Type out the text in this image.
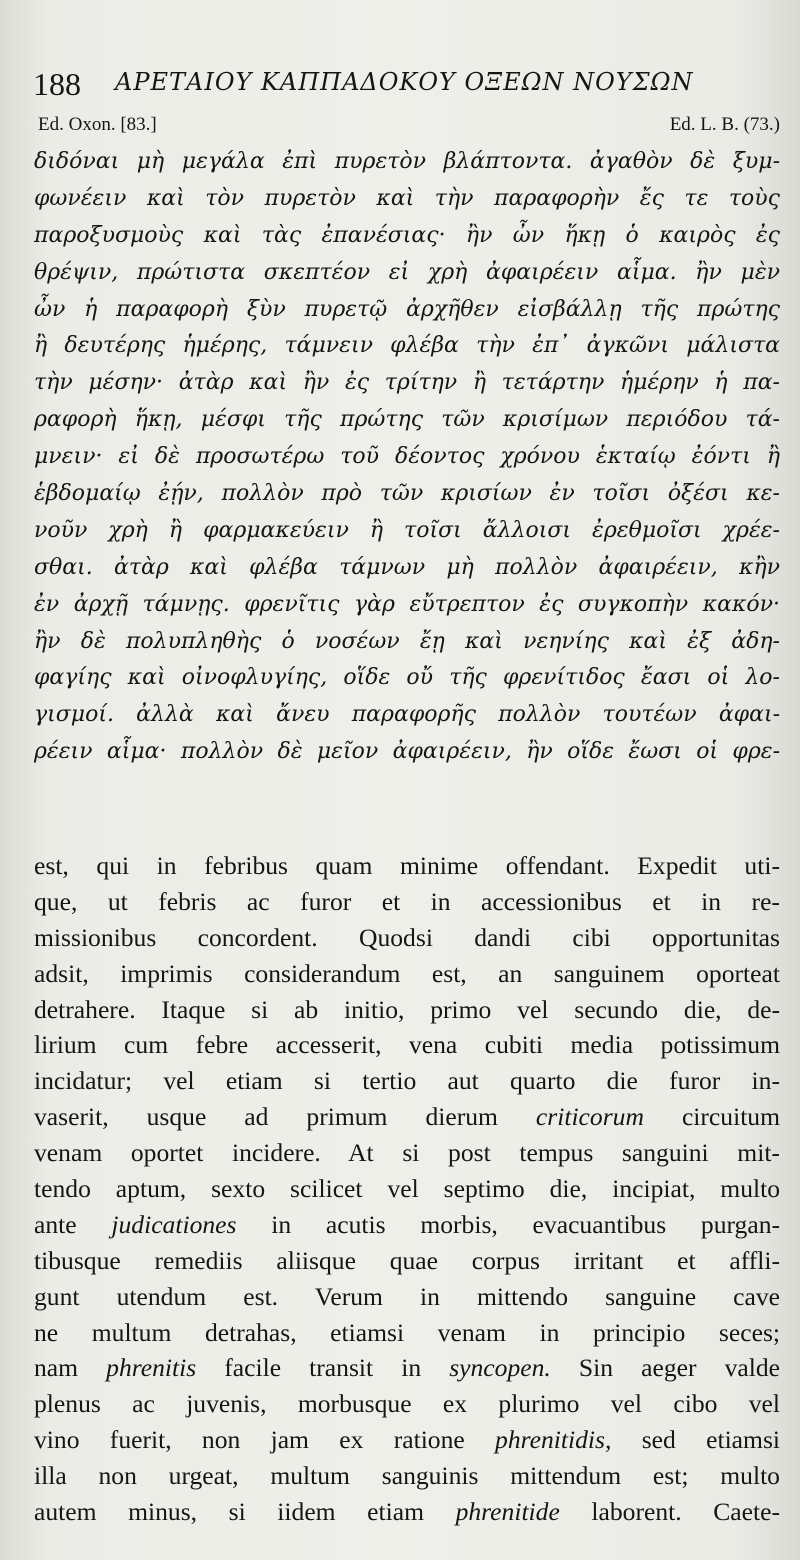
188 ΑΡΕΤΑΙΟΥ ΚΑΠΠΑΔΟΚΟΥ ΟΞΕΩΝ ΝΟΥΣΩΝ
Ed. Oxon. [83.]	Ed. L. B. (73.)
διδόναι μὴ μεγάλα ἐπὶ πυρετὸν βλάπτοντα. ἀγαθὸν δὲ ξυμ-
φωνέειν καὶ τὸν πυρετὸν καὶ τὴν παραφορὴν ἔς τε τοὺς
παροξυσμοὺς καὶ τὰς ἐπανέσιας· ἢν ὦν ἥκῃ ὁ καιρὸς ἐς
θρέψιν, πρώτιστα σκεπτέον εἰ χρὴ ἀφαιρέειν αἷμα. ἢν μὲν
ὦν ἡ παραφορὴ ξὺν πυρετῷ ἀρχῆθεν εἰσβάλλῃ τῆς πρώτης
ἢ δευτέρης ἡμέρης, τάμνειν φλέβα τὴν ἐπ᾽ ἀγκῶνι μάλιστα
τὴν μέσην· ἀτὰρ καὶ ἢν ἐς τρίτην ἢ τετάρτην ἡμέρην ἡ πα-
ραφορὴ ἥκῃ, μέσφι τῆς πρώτης τῶν κρισίμων περιόδου τά-
μνειν· εἰ δὲ προσωτέρω τοῦ δέοντος χρόνου ἑκταίῳ ἐόντι ἢ
ἑβδομαίῳ ἐῄν, πολλὸν πρὸ τῶν κρισίων ἐν τοῖσι ὀξέσι κε-
νοῦν χρὴ ἢ φαρμακεύειν ἢ τοῖσι ἄλλοισι ἐρεθμοῖσι χρέε-
σθαι. ἀτὰρ καὶ φλέβα τάμνων μὴ πολλὸν ἀφαιρέειν, κἢν
ἐν ἀρχῇ τάμνῃς. φρενῖτις γὰρ εὔτρεπτον ἐς συγκοπὴν κακόν·
ἢν δὲ πολυπληθὴς ὁ νοσέων ἔῃ καὶ νεηνίης καὶ ἐξ ἀδη-
φαγίης καὶ οἰνοφλυγίης, οἵδε οὔ τῆς φρενίτιδος ἔασι οἱ λο-
γισμοί. ἀλλὰ καὶ ἄνευ παραφορῆς πολλὸν τουτέων ἀφαι-
ρέειν αἷμα· πολλὸν δὲ μεῖον ἀφαιρέειν, ἢν οἵδε ἔωσι οἱ φρε-
est, qui in febribus quam minime offendant. Expedit uti-
que, ut febris ac furor et in accessionibus et in re-
missionibus concordent. Quodsi dandi cibi opportunitas
adsit, imprimis considerandum est, an sanguinem oporteat
detrahere. Itaque si ab initio, primo vel secundo die, de-
lirium cum febre accesserit, vena cubiti media potissimum
incidatur; vel etiam si tertio aut quarto die furor in-
vaserit, usque ad primum dierum criticorum circuitum
venam oportet incidere. At si post tempus sanguini mit-
tendo aptum, sexto scilicet vel septimo die, incipiat, multo
ante judicationes in acutis morbis, evacuantibus purgan-
tibusque remediis aliisque quae corpus irritant et affli-
gunt utendum est. Verum in mittendo sanguine cave
ne multum detrahas, etiamsi venam in principio seces;
nam phrenitis facile transit in syncopen. Sin aeger valde
plenus ac juvenis, morbusque ex plurimo vel cibo vel
vino fuerit, non jam ex ratione phrenitidis, sed etiamsi
illa non urgeat, multum sanguinis mittendum est; multo
autem minus, si iidem etiam phrenitide laborent. Caete-
